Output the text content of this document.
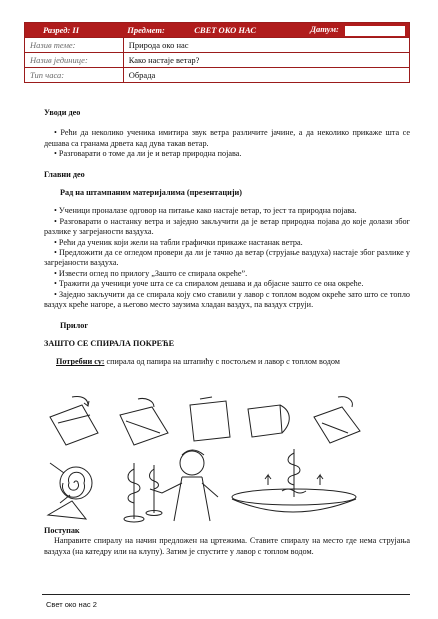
Разред: II	Предмет:	СВЕТ ОКО НАС	Датум:
Назив теме:	Природа око нас		
Назив јединице:	Како настаје ветар?		
Тип часа:	Обрада		

Уводи део

• Рећи да неколико ученика имитира звук ветра различите јачине, а да неколико прикаже шта се дешава са гранама дрвета кад дува такав ветар.

• Разговарати о томе да ли је и ветар природна појава.

Главни део

Рад на штампаним материјалима (презентацији)

• Ученици проналазе одговор на питање како настаје ветар, то јест та природна појава.

• Разговарати о настанку ветра и заједно закључити да је ветар природна појава до које долази због разлике у загрејаности ваздуха.

• Рећи да ученик који жели на табли графички прикаже настанак ветра.

• Предложити да се огледом провери да ли је тачно да ветар (струјање ваздуха) настаје због разлике у загрејаности ваздуха.

• Извести оглед по прилогу „Зашто се спирала окреће”.

• Тражити да ученици уоче шта се са спиралом дешава и да објасне зашто се она окреће.

• Заједно закључити да се спирала коју смо ставили у лавор с топлом водом окреће зато што се топло ваздух креће нагоре, а његово место заузима хладан ваздух, па ваздух струји.

Прилог

ЗАШТО СЕ СПИРАЛА ПОКРЕЋЕ

Потребни су: спирала од папира на штапићу с постољем и лавор с топлом водом

Поступак

Направите спиралу на начин предложен на цртежима. Ставите спиралу на место где нема струјања ваздуха (на катедру или на клупу). Затим је спустите у лавор с топлом водом.

Свет око нас 2
